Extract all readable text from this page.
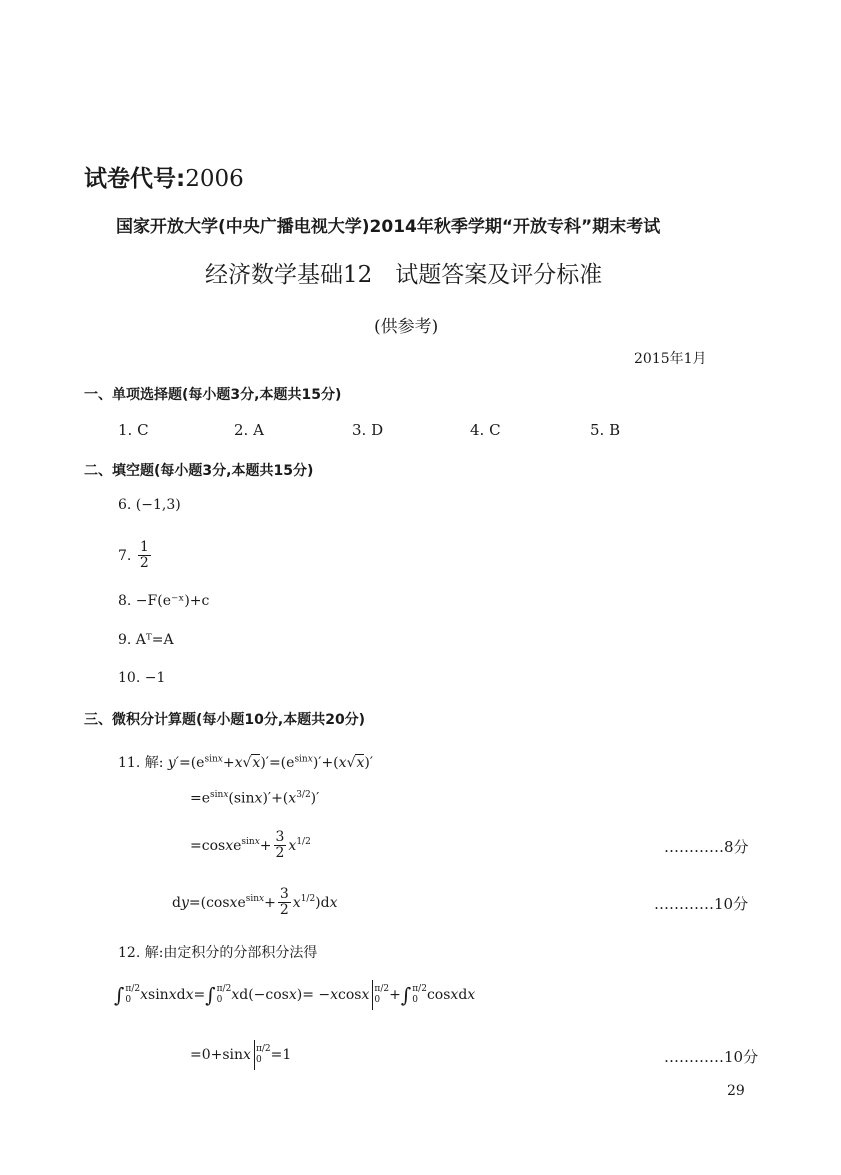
试卷代号:2006
国家开放大学(中央广播电视大学)2014年秋季学期“开放专科”期末考试
经济数学基础12　试题答案及评分标准
(供参考)
2015年1月
一、单项选择题(每小题3分,本题共15分)
1. C	2. A	3. D	4. C	5. B
二、填空题(每小题3分,本题共15分)
6. (−1,3)
7. $\frac{1}{2}$
8. −F(e⁻ˣ)+c
9. Aᵀ=A
10. −1
三、微积分计算题(每小题10分,本题共20分)
11. 解: $y'=(e^{sinx}+x√x)'=(e^{sinx})'+(x√x)'$
$=e^{sinx}(\sin x)'+(x^{3/2})'$
=cosxe$^{sinx}$+ $\frac{3}{2} x^{1/2}$	…………8分
dy=(cosxe$^{sinx}$+ $\frac{3}{2} x^{1/2})dx$	…………10分
12. 解:由定积分的分部积分法得
∫ π/2
0 xsinxdx=∫ π/2
0 xd(−cosx)= −xcosx π/2
0 +∫ π/2
0 cosxdx
=0+sinx π/2
0 =1	…………10分
29
